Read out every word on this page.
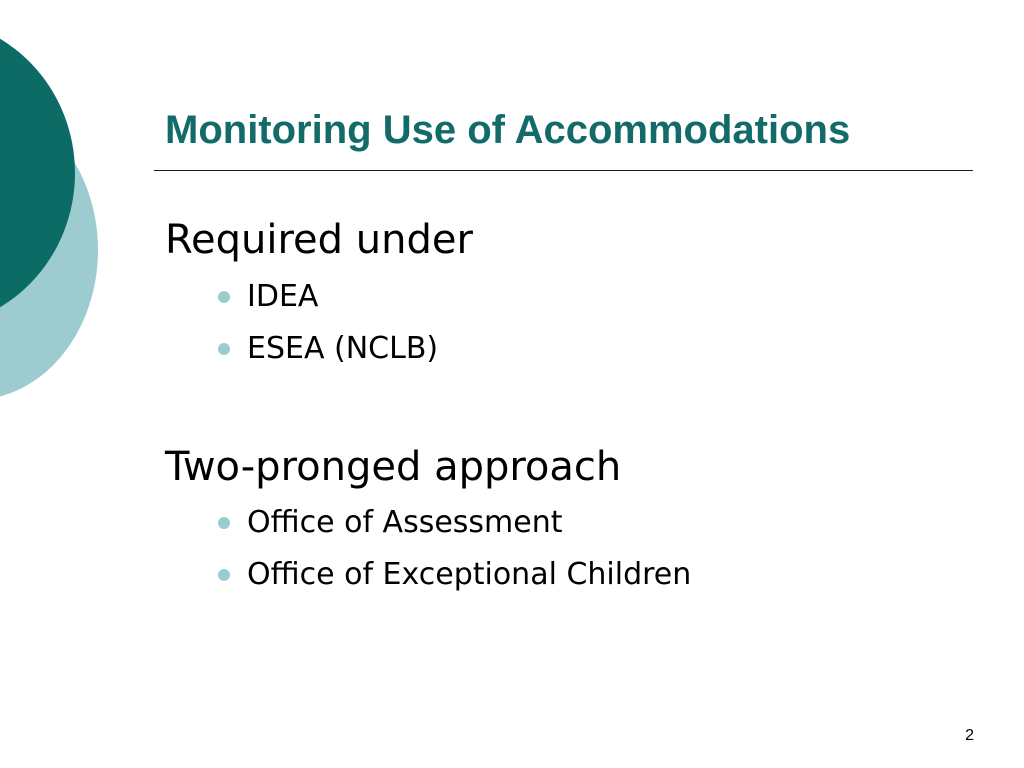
Monitoring Use of Accommodations
Required under
IDEA
ESEA (NCLB)
Two-pronged approach
Office of Assessment
Office of Exceptional Children
2
